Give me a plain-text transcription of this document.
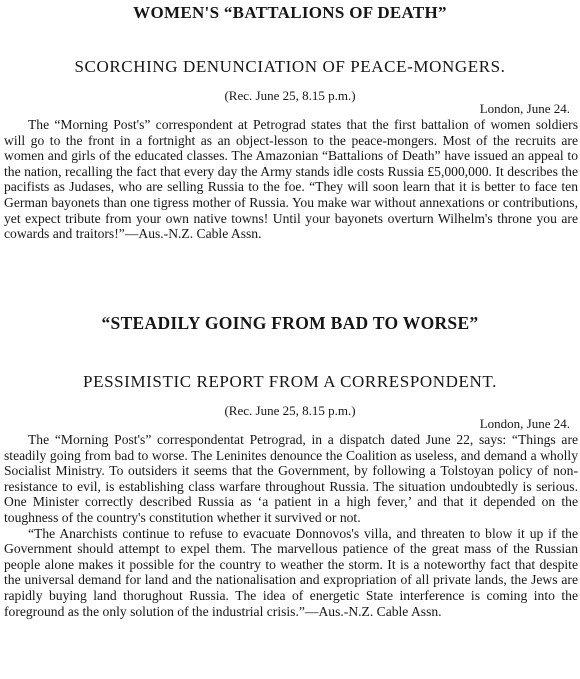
WOMEN'S “BATTALIONS OF DEATH”
SCORCHING DENUNCIATION OF PEACE-MONGERS.
(Rec. June 25, 8.15 p.m.)
London, June 24.

The “Morning Post's” correspondent at Petrograd states that the first battalion of women soldiers will go to the front in a fortnight as an object-lesson to the peace-mongers. Most of the recruits are women and girls of the educated classes. The Amazonian “Battalions of Death” have issued an appeal to the nation, recalling the fact that every day the Army stands idle costs Russia £5,000,000. It describes the pacifists as Judases, who are selling Russia to the foe. “They will soon learn that it is better to face ten German bayonets than one tigress mother of Russia. You make war without annexations or contributions, yet expect tribute from your own native towns! Until your bayonets overturn Wilhelm's throne you are cowards and traitors!”—Aus.-N.Z. Cable Assn.

“STEADILY GOING FROM BAD TO WORSE”
PESSIMISTIC REPORT FROM A CORRESPONDENT.
(Rec. June 25, 8.15 p.m.)
London, June 24.

The “Morning Post's” correspondentat Petrograd, in a dispatch dated June 22, says: “Things are steadily going from bad to worse. The Leninites denounce the Coalition as useless, and demand a wholly Socialist Ministry. To outsiders it seems that the Government, by following a Tolstoyan policy of non-resistance to evil, is establishing class warfare throughout Russia. The situation undoubtedly is serious. One Minister correctly described Russia as ‘a patient in a high fever,’ and that it depended on the toughness of the country's constitution whether it survived or not.

“The Anarchists continue to refuse to evacuate Donnovos's villa, and threaten to blow it up if the Government should attempt to expel them. The marvellous patience of the great mass of the Russian people alone makes it possible for the country to weather the storm. It is a noteworthy fact that despite the universal demand for land and the nationalisation and expropriation of all private lands, the Jews are rapidly buying land thorughout Russia. The idea of energetic State interference is coming into the foreground as the only solution of the industrial crisis.”—Aus.-N.Z. Cable Assn.
